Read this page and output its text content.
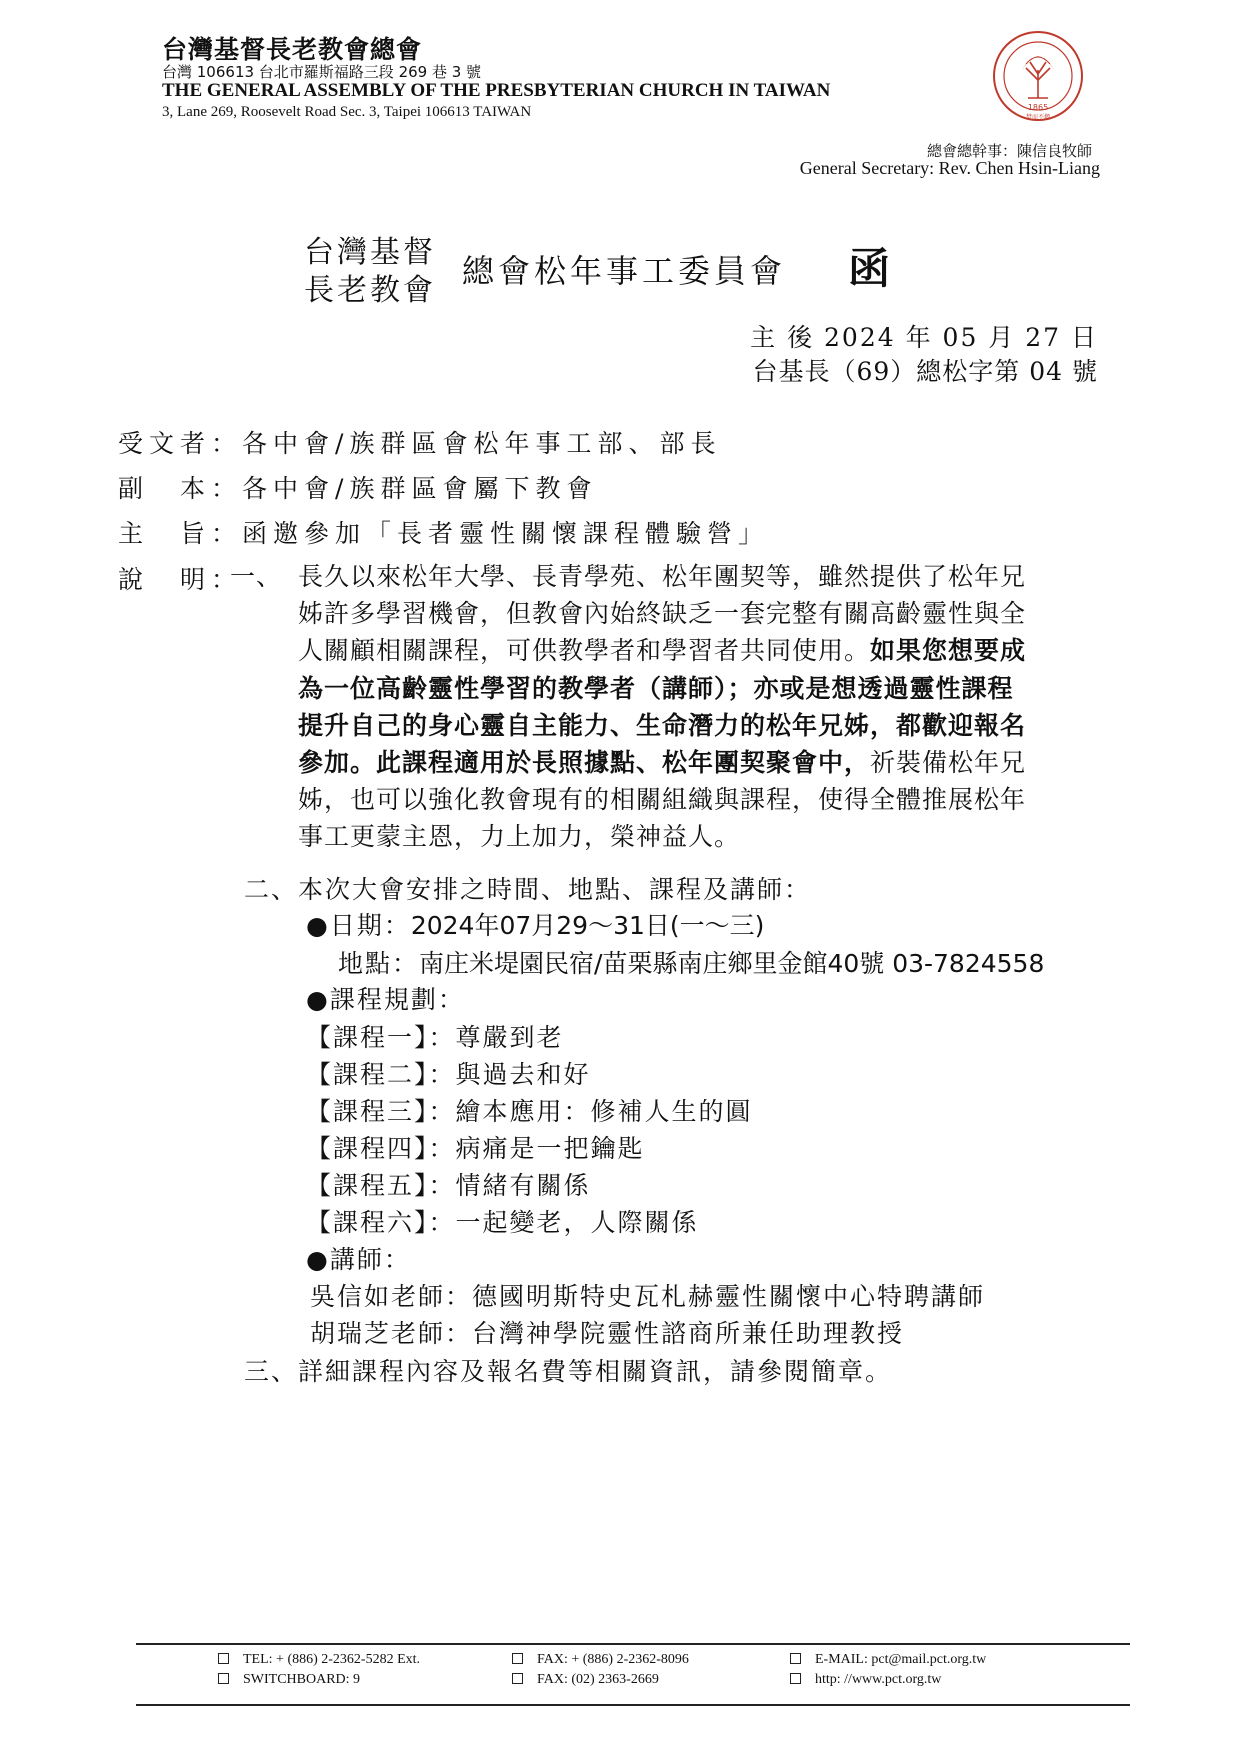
台灣基督長老教會總會
台灣 106613 台北市羅斯福路三段 269 巷 3 號
THE GENERAL ASSEMBLY OF THE PRESBYTERIAN CHURCH IN TAIWAN
3, Lane 269, Roosevelt Road Sec. 3, Taipei 106613 TAIWAN	1865
焚而不燬
總會總幹事：陳信良牧師
General Secretary: Rev. Chen Hsin-Liang
台灣基督
長老教會
總會松年事工委員會 函
主 後 2024 年 05 月 27 日
台基長（69）總松字第 04 號
受文者：各中會/族群區會松年事工部、部長
副　本：各中會/族群區會屬下教會
主　旨：函邀參加「長者靈性關懷課程體驗營」
說　明：
一、 長久以來松年大學、長青學苑、松年團契等，雖然提供了松年兄
姊許多學習機會，但教會內始終缺乏一套完整有關高齡靈性與全
人關顧相關課程，可供教學者和學習者共同使用。如果您想要成
為一位高齡靈性學習的教學者（講師）；亦或是想透過靈性課程
提升自己的身心靈自主能力、生命潛力的松年兄姊，都歡迎報名
參加。此課程適用於長照據點、松年團契聚會中，祈裝備松年兄
姊，也可以強化教會現有的相關組織與課程，使得全體推展松年
事工更蒙主恩，力上加力，榮神益人。
二、本次大會安排之時間、地點、課程及講師：
●日期：2024年07月29～31日(一～三)
地點：南庄米堤園民宿/苗栗縣南庄鄉里金館40號 03-7824558
●課程規劃：
【課程一】：尊嚴到老
【課程二】：與過去和好
【課程三】：繪本應用：修補人生的圓
【課程四】：病痛是一把鑰匙
【課程五】：情緒有關係
【課程六】：一起變老，人際關係
●講師：
吳信如老師：德國明斯特史瓦札赫靈性關懷中心特聘講師
胡瑞芝老師：台灣神學院靈性諮商所兼任助理教授
三、詳細課程內容及報名費等相關資訊，請參閱簡章。
TEL: + (886) 2-2362-5282 Ext.
SWITCHBOARD: 9
FAX: + (886) 2-2362-8096
FAX: (02) 2363-2669
E-MAIL: pct@mail.pct.org.tw
http: //www.pct.org.tw
